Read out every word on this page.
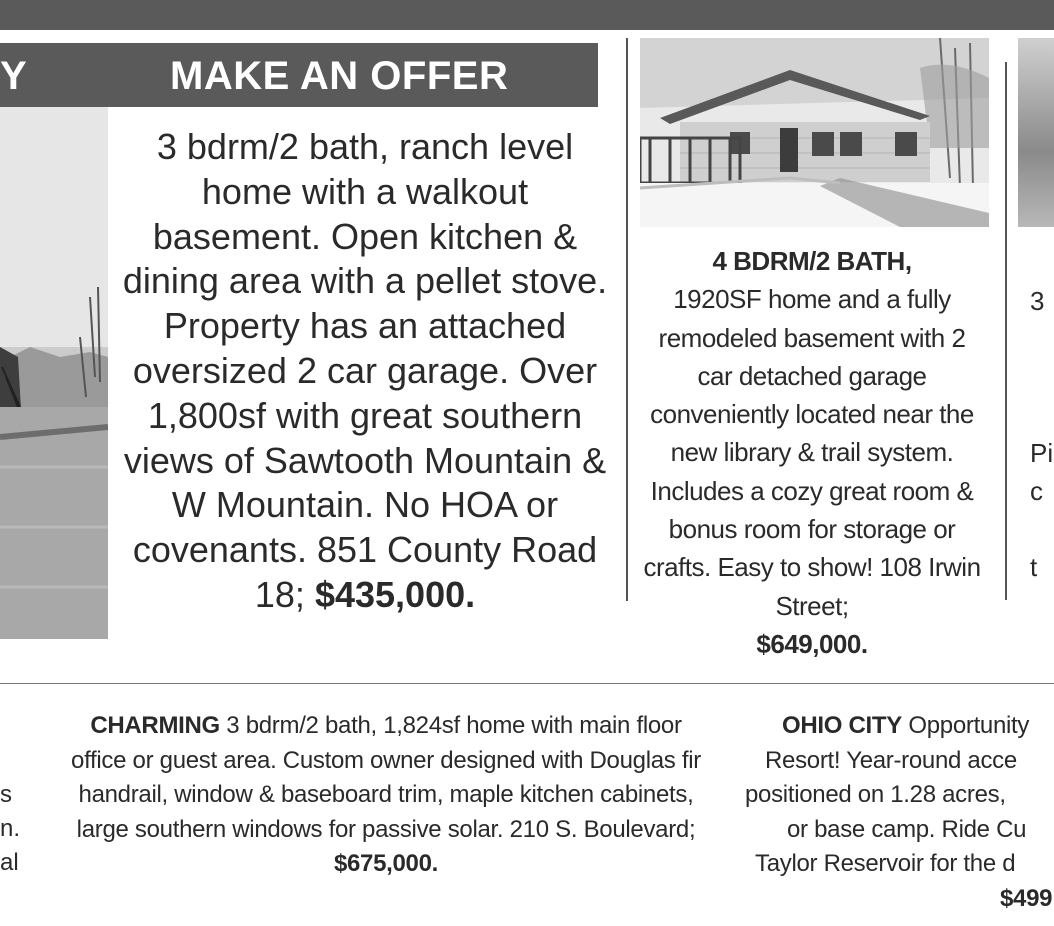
Y	MAKE AN OFFER
3 bdrm/2 bath, ranch level home with a walkout basement. Open kitchen & dining area with a pellet stove. Property has an attached oversized 2 car garage. Over 1,800sf with great southern views of Sawtooth Mountain & W Mountain. No HOA or covenants. 851 County Road 18; $435,000.
4 BDRM/2 BATH,
1920SF home and a fully remodeled basement with 2 car detached garage conveniently located near the new library & trail system. Includes a cozy great room & bonus room for storage or crafts. Easy to show! 108 Irwin Street;
$649,000.
3
Pi
c
t
s
n.
al
CHARMING 3 bdrm/2 bath, 1,824sf home with main floor office or guest area. Custom owner designed with Douglas fir handrail, window & baseboard trim, maple kitchen cabinets, large southern windows for passive solar. 210 S. Boulevard; $675,000.
OHIO CITY Opportunity
Resort! Year-round acce
positioned on 1.28 acres,
or base camp. Ride Cu
Taylor Reservoir for the d
$499
